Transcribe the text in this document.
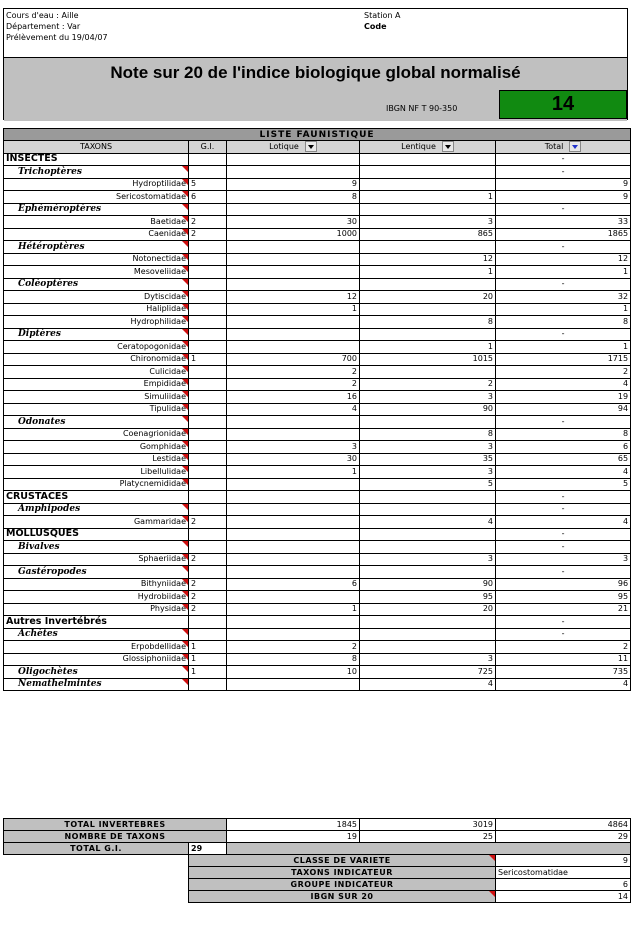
Cours d'eau : Aille
Département : Var
Prélèvement du 19/04/07
Station A
Code
Note sur 20 de l'indice biologique global normalisé
IBGN NF T 90-350	14
LISTE FAUNISTIQUE				
TAXONS	G.I.	Lotique	Lentique	Total
INSECTES				-
Trichoptères				-
Hydroptilidae	5	9		9
Sericostomatidae	6	8	1	9
Ephéméroptères				-
Baetidae	2	30	3	33
Caenidae	2	1000	865	1865
Hétéroptères				-
Notonectidae			12	12
Mesoveliidae			1	1
Coléoptères				-
Dytiscidae		12	20	32
Haliplidae		1		1
Hydrophilidae			8	8
Diptères				-
Ceratopogonidae			1	1
Chironomidae	1	700	1015	1715
Culicidae		2		2
Empididae		2	2	4
Simuliidae		16	3	19
Tipulidae		4	90	94
Odonates				-
Coenagrionidae			8	8
Gomphidae		3	3	6
Lestidae		30	35	65
Libellulidae		1	3	4
Platycnemididae			5	5
CRUSTACES				-
Amphipodes				-
Gammaridae	2		4	4
MOLLUSQUES				-
Bivalves				-
Sphaeriidae	2		3	3
Gastéropodes				-
Bithyniidae	2	6	90	96
Hydrobiidae	2		95	95
Physidae	2	1	20	21
Autres Invertébrés				-
Achètes				-
Erpobdellidae	1	2		2
Glossiphoniidae	1	8	3	11
Oligochètes	1	10	725	735
Nemathelmintes			4	4
TOTAL INVERTEBRES		1845	3019	4864
NOMBRE DE TAXONS		19	25	29
TOTAL G.I.	29			
	CLASSE DE VARIETE			9
	TAXONS INDICATEUR			Sericostomatidae
	GROUPE INDICATEUR			6
	IBGN SUR 20			14
